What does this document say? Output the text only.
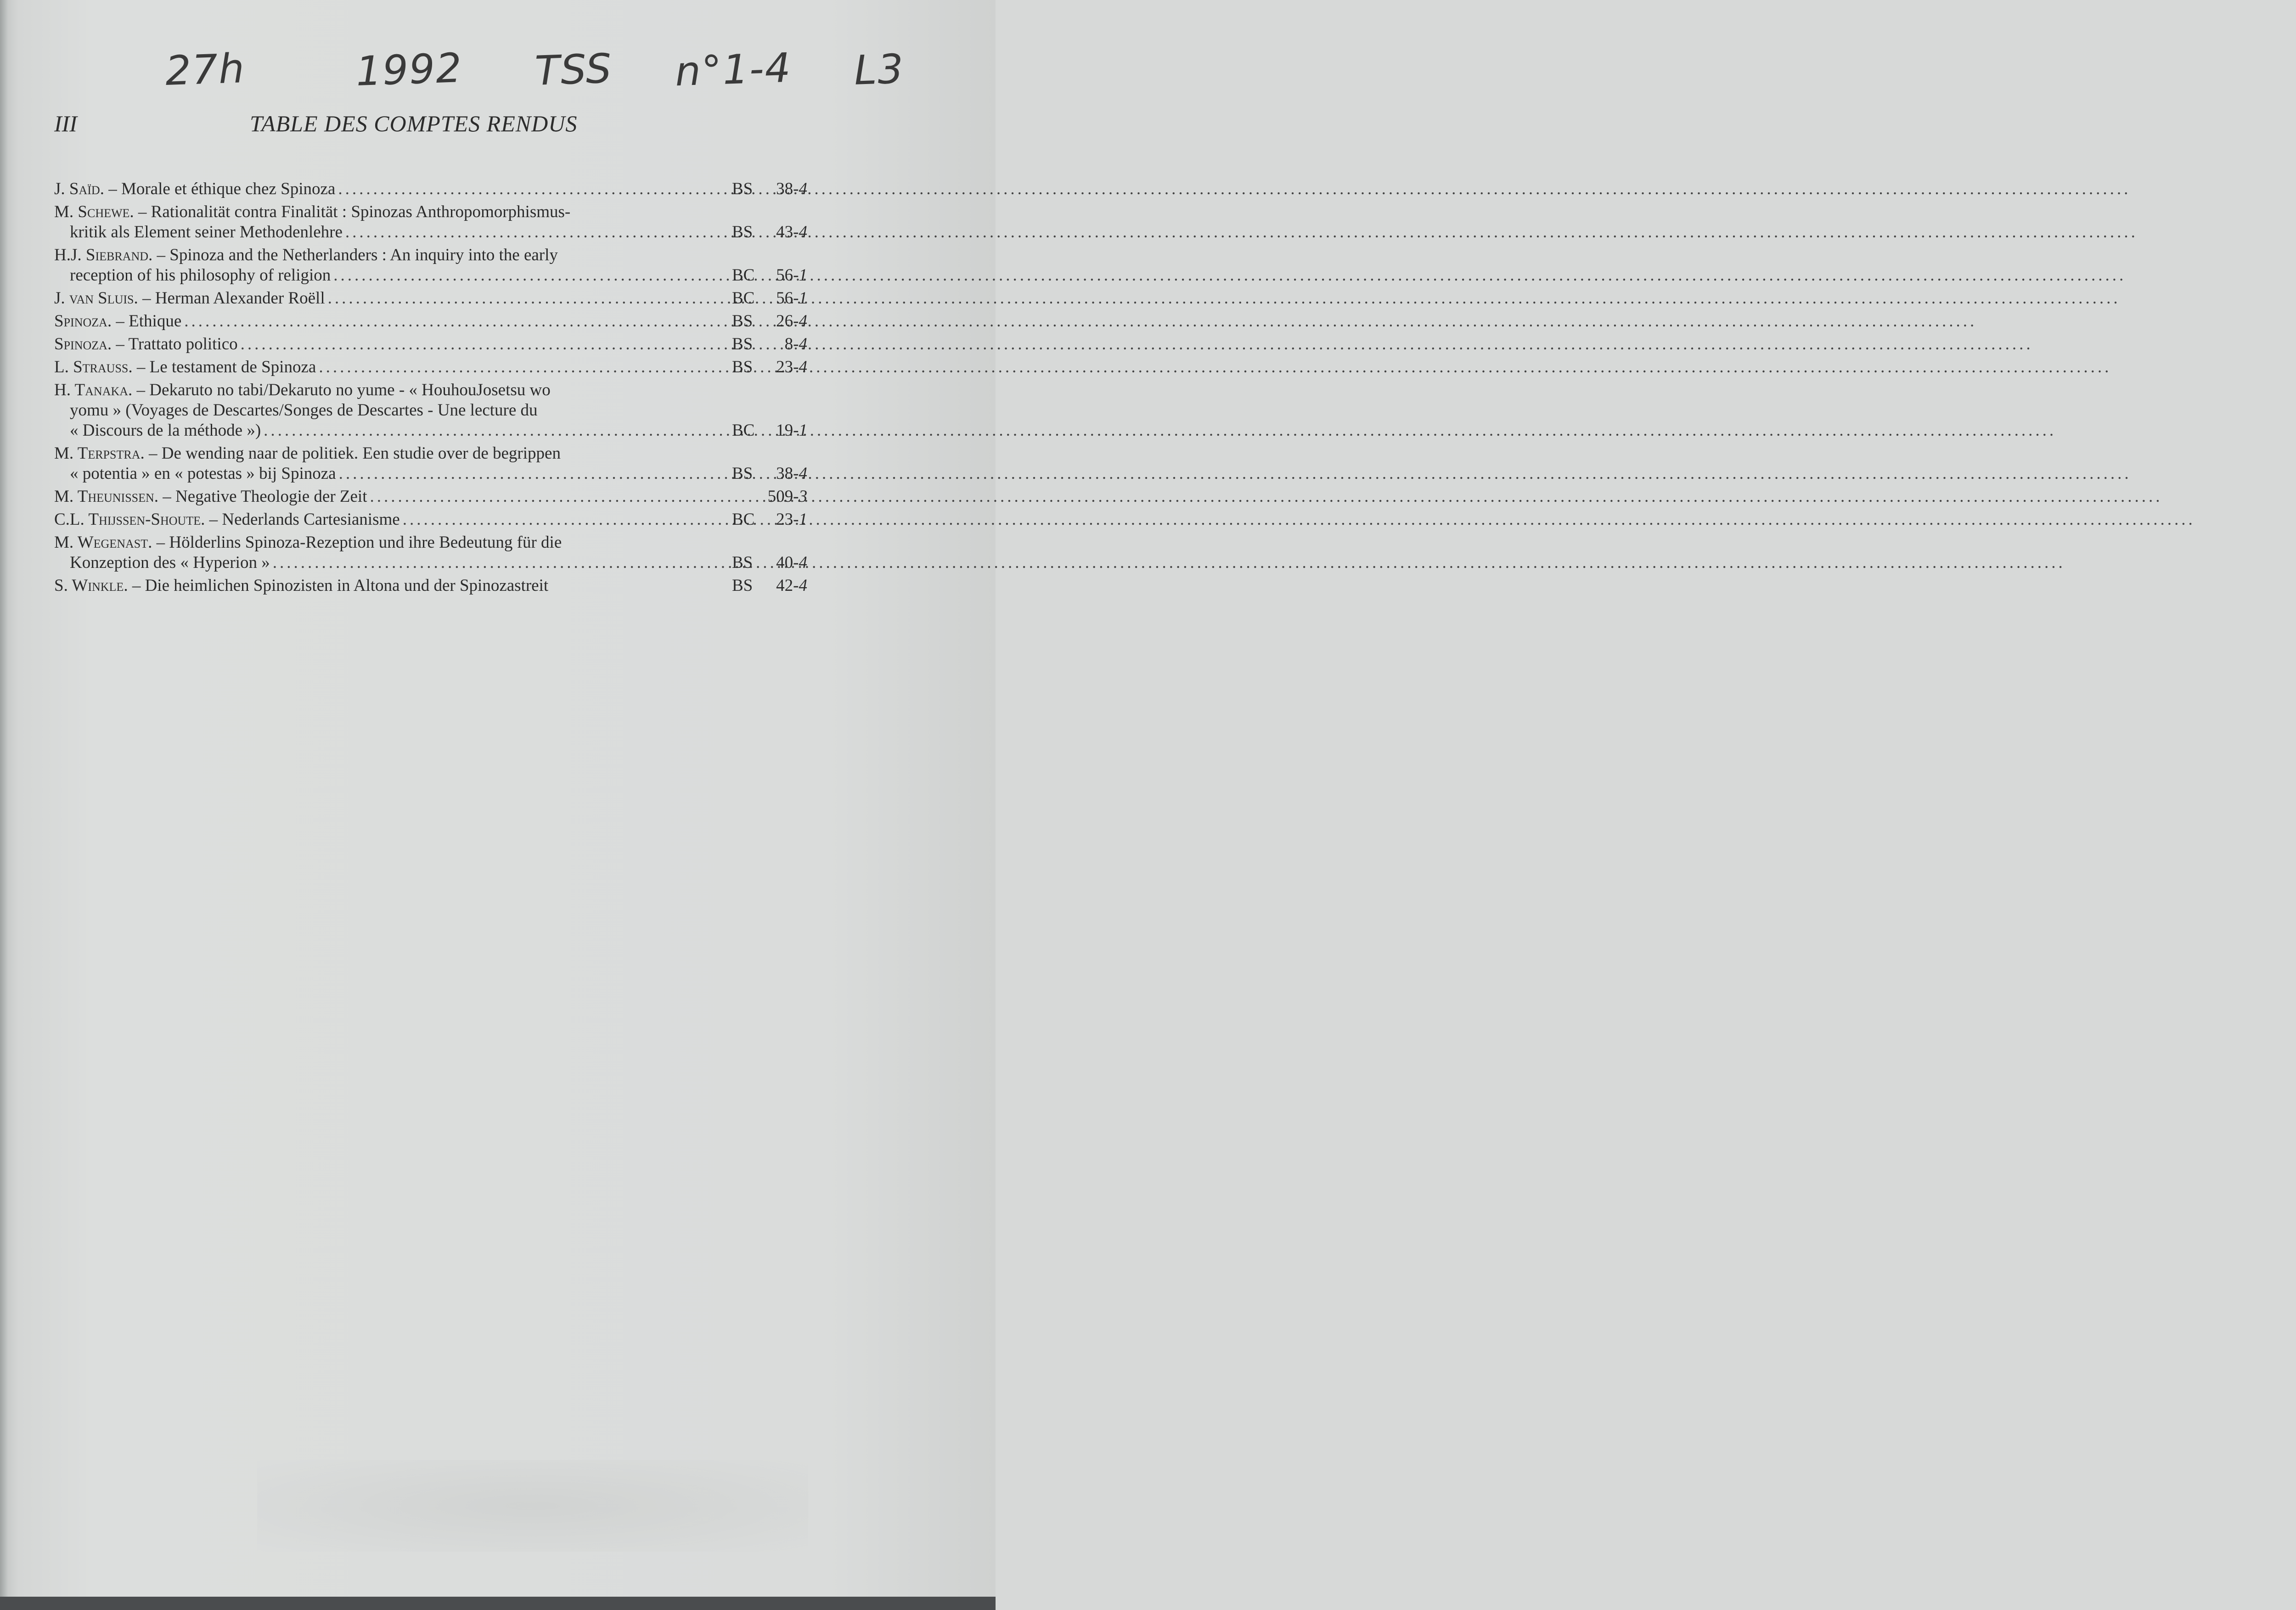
27h	1992 TSS n°1-4 L3
III	TABLE DES COMPTES RENDUS
J. Saïd. – Morale et éthique chez Spinoza .....	BS	38-4
M. Schewe. – Rationalität contra Finalität : Spinozas Anthropomorphismus-
kritik als Element seiner Methodenlehre .....	BS	43-4
H.J. Siebrand. – Spinoza and the Netherlanders : An inquiry into the early
reception of his philosophy of religion .....	BC	56-1
J. van Sluis. – Herman Alexander Roëll .....	BC	56-1
Spinoza. – Ethique .....	BS	26-4
Spinoza. – Trattato politico .....	BS	8-4
L. Strauss. – Le testament de Spinoza .....	BS	23-4
H. Tanaka. – Dekaruto no tabi/Dekaruto no yume - « HouhouJosetsu wo
yomu » (Voyages de Descartes/Songes de Descartes - Une lecture du
« Discours de la méthode ») .....	BC	19-1
M. Terpstra. – De wending naar de politiek. Een studie over de begrippen
« potentia » en « potestas » bij Spinoza .....	BS	38-4
M. Theunissen. – Negative Theologie der Zeit .....	509-3
C.L. Thijssen-Shoute. – Nederlands Cartesianisme .....	BC	23-1
M. Wegenast. – Hölderlins Spinoza-Rezeption und ihre Bedeutung für die
Konzeption des « Hyperion » .....	BS	40-4
S. Winkle. – Die heimlichen Spinozisten in Altona und der Spinozastreit	BS	42-4
